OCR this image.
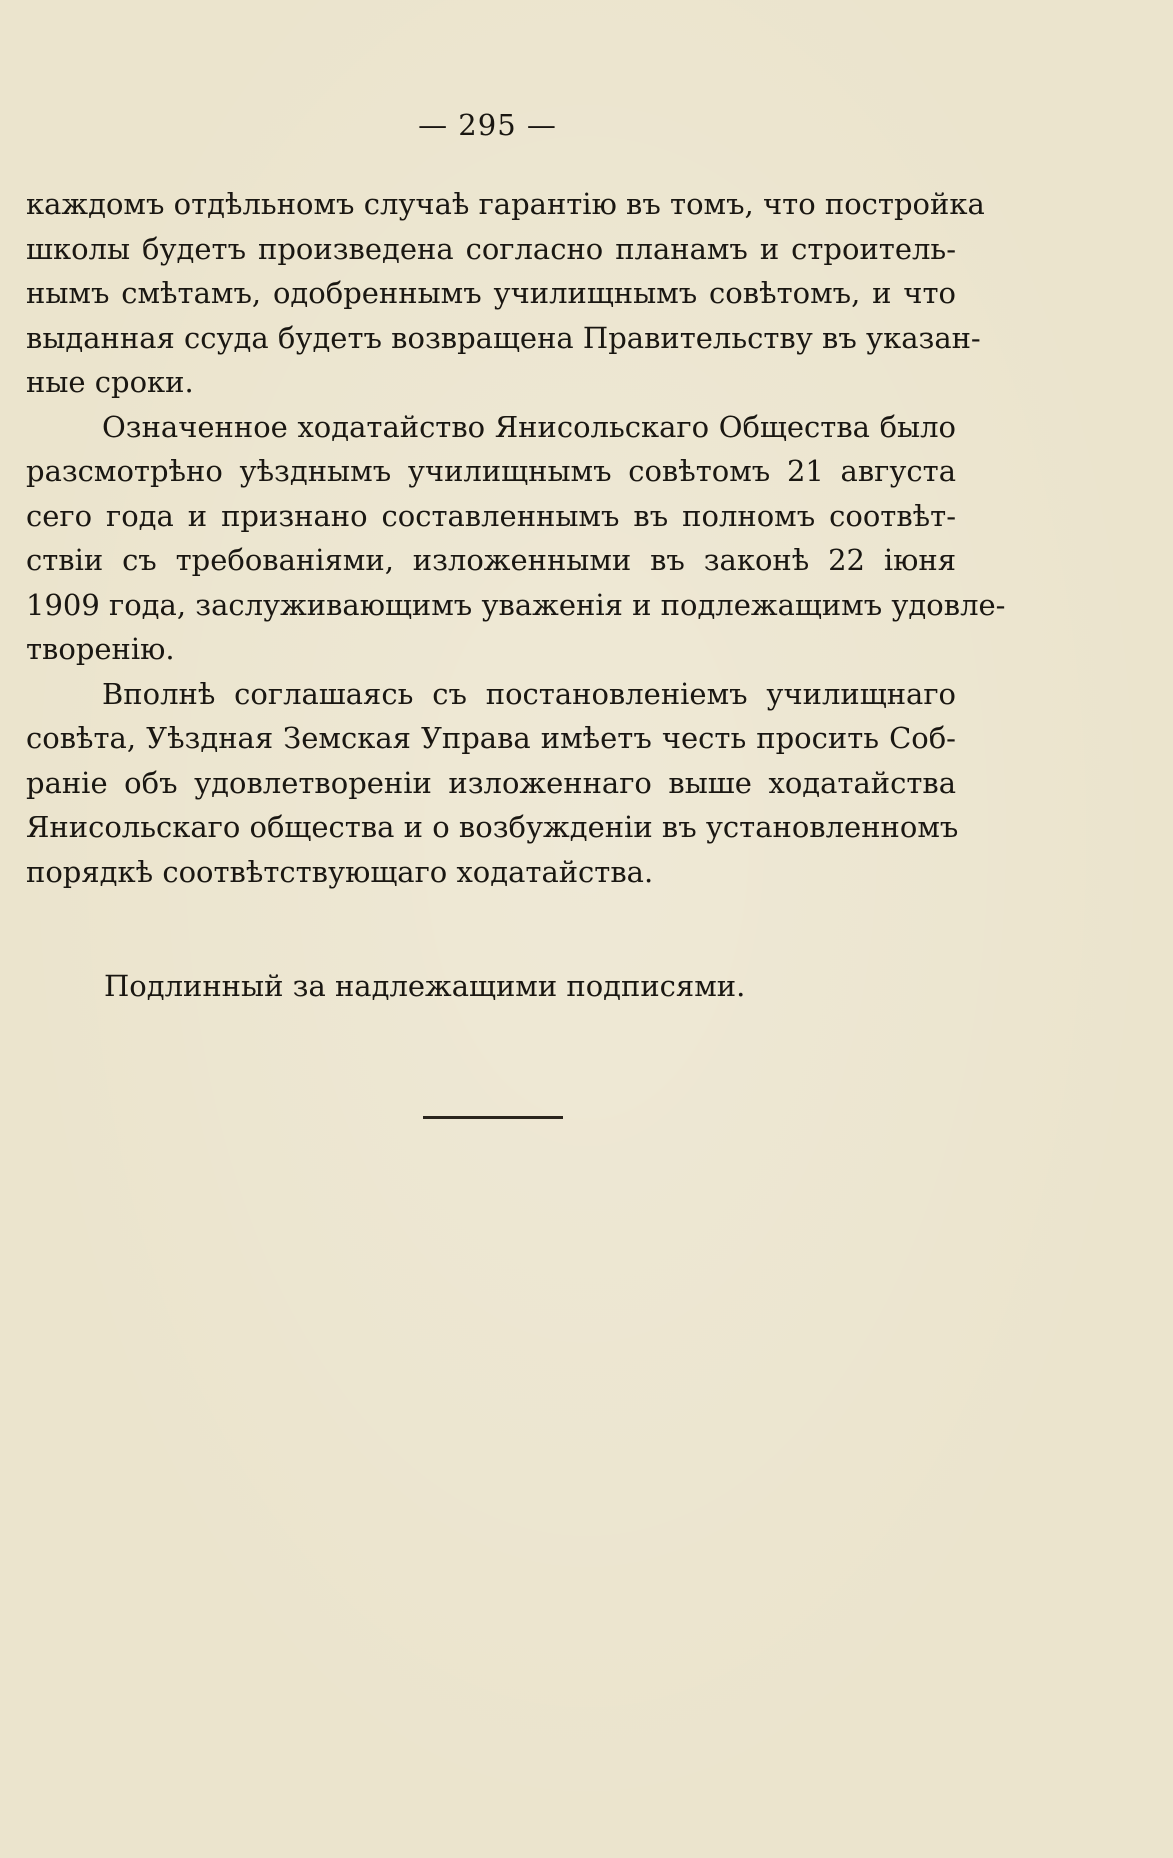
— 295 —
каждомъ отдѣльномъ случаѣ гарантію въ томъ, что постройка
школы будетъ произведена согласно планамъ и строитель-
нымъ смѣтамъ, одобреннымъ училищнымъ совѣтомъ, и что
выданная ссуда будетъ возвращена Правительству въ указан-
ные сроки.
Означенное ходатайство Янисольскаго Общества было
разсмотрѣно уѣзднымъ училищнымъ совѣтомъ 21 августа
сего года и признано составленнымъ въ полномъ соотвѣт-
ствіи съ требованіями, изложенными въ законѣ 22 іюня
1909 года, заслуживающимъ уваженія и подлежащимъ удовле-
творенію.
Вполнѣ соглашаясь съ постановленіемъ училищнаго
совѣта, Уѣздная Земская Управа имѣетъ честь просить Соб-
раніе объ удовлетвореніи изложеннаго выше ходатайства
Янисольскаго общества и о возбужденіи въ установленномъ
порядкѣ соотвѣтствующаго ходатайства.
Подлинный за надлежащими подписями.
